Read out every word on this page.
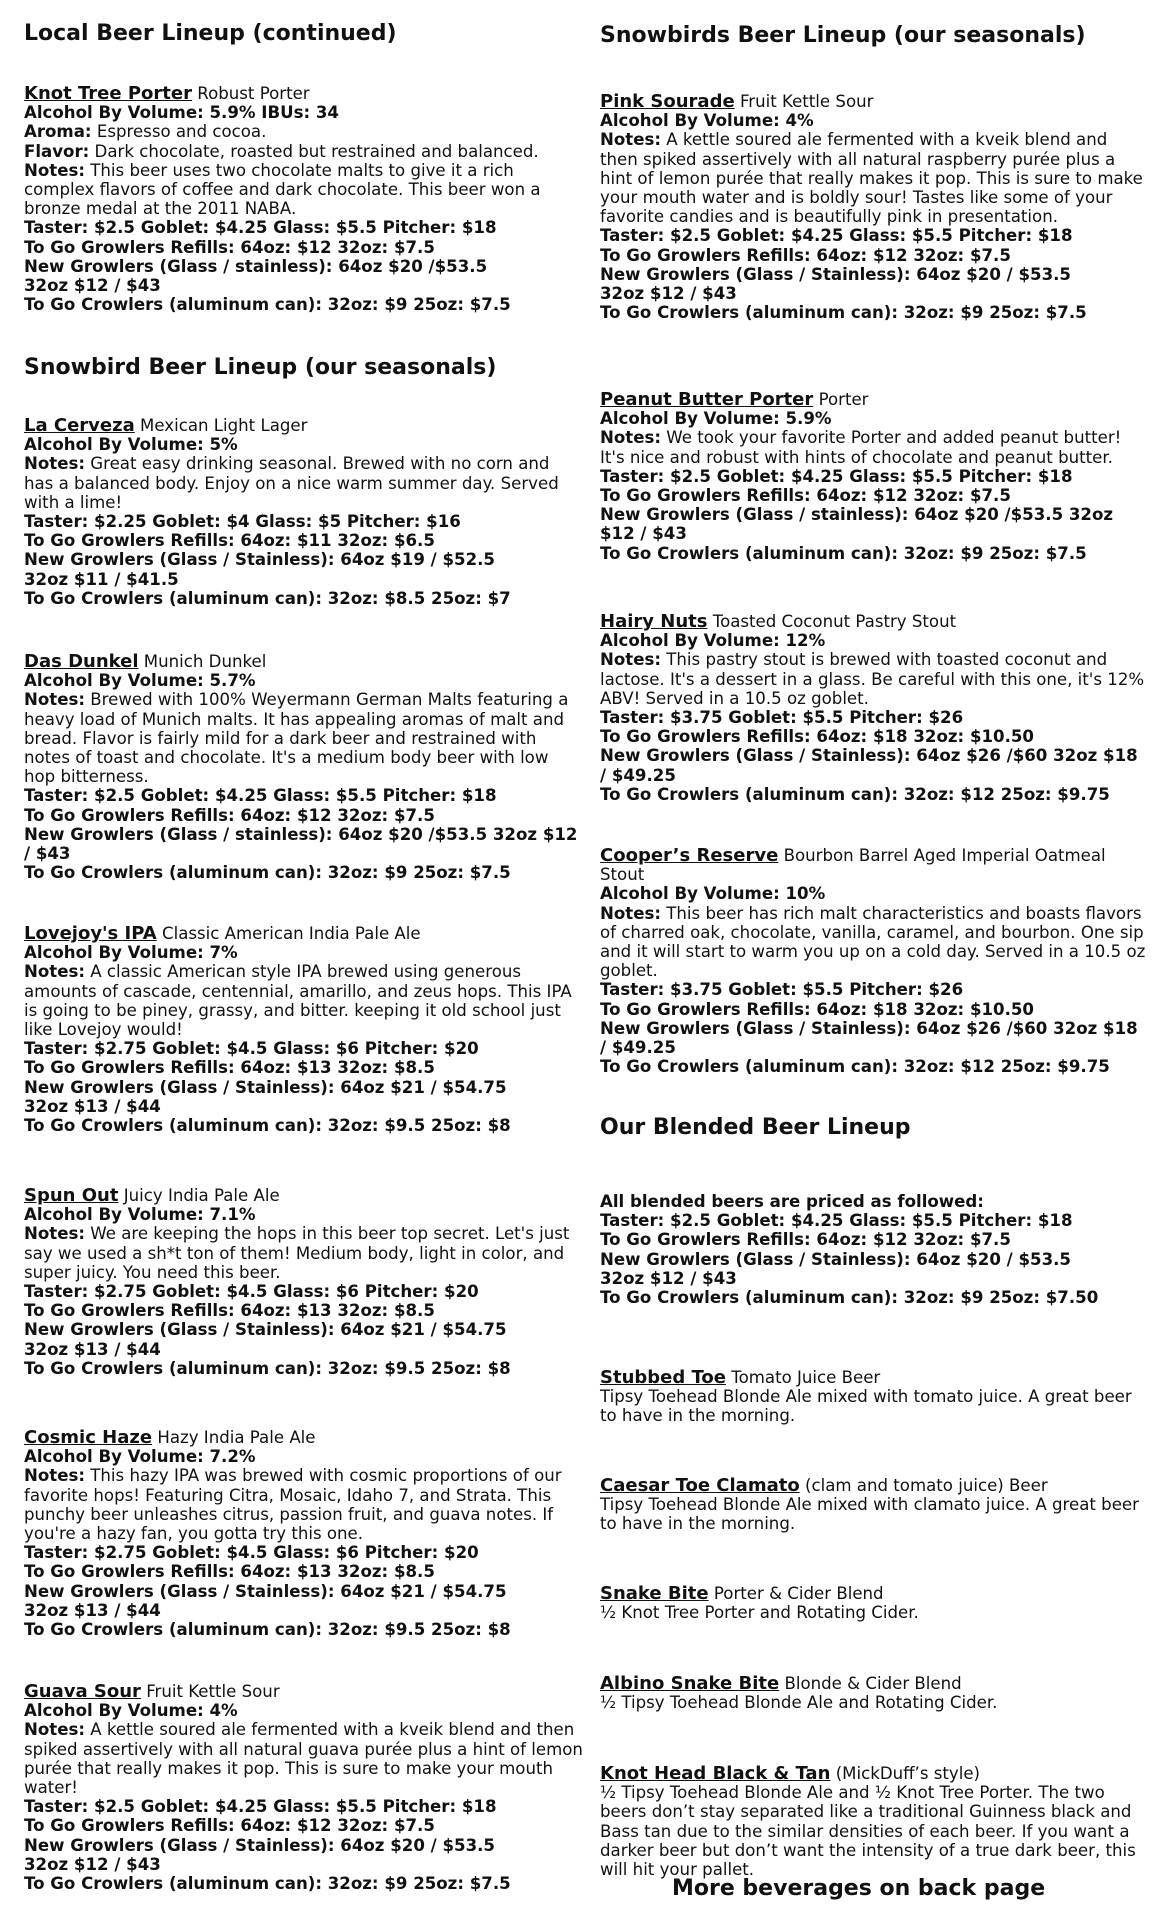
Local Beer Lineup (continued)
Knot Tree Porter Robust Porter
Alcohol By Volume: 5.9% IBUs: 34
Aroma: Espresso and cocoa.
Flavor: Dark chocolate, roasted but restrained and balanced.
Notes: This beer uses two chocolate malts to give it a rich complex flavors of coffee and dark chocolate. This beer won a bronze medal at the 2011 NABA.
Taster: $2.5 Goblet: $4.25 Glass: $5.5 Pitcher: $18
To Go Growlers Refills: 64oz: $12 32oz: $7.5
New Growlers (Glass / stainless): 64oz $20 /$53.5
32oz $12 / $43
To Go Crowlers (aluminum can): 32oz: $9 25oz: $7.5
Snowbird Beer Lineup (our seasonals)
La Cerveza Mexican Light Lager
Alcohol By Volume: 5%
Notes: Great easy drinking seasonal. Brewed with no corn and has a balanced body. Enjoy on a nice warm summer day. Served with a lime!
Taster: $2.25 Goblet: $4 Glass: $5 Pitcher: $16
To Go Growlers Refills: 64oz: $11 32oz: $6.5
New Growlers (Glass / Stainless): 64oz $19 / $52.5
32oz $11 / $41.5
To Go Crowlers (aluminum can): 32oz: $8.5 25oz: $7
Das Dunkel Munich Dunkel
Alcohol By Volume: 5.7%
Notes: Brewed with 100% Weyermann German Malts featuring a heavy load of Munich malts. It has appealing aromas of malt and bread. Flavor is fairly mild for a dark beer and restrained with notes of toast and chocolate. It's a medium body beer with low hop bitterness.
Taster: $2.5 Goblet: $4.25 Glass: $5.5 Pitcher: $18
To Go Growlers Refills: 64oz: $12 32oz: $7.5
New Growlers (Glass / stainless): 64oz $20 /$53.5 32oz $12 / $43
To Go Crowlers (aluminum can): 32oz: $9 25oz: $7.5
Lovejoy's IPA Classic American India Pale Ale
Alcohol By Volume: 7%
Notes: A classic American style IPA brewed using generous amounts of cascade, centennial, amarillo, and zeus hops. This IPA is going to be piney, grassy, and bitter. keeping it old school just like Lovejoy would!
Taster: $2.75 Goblet: $4.5 Glass: $6 Pitcher: $20
To Go Growlers Refills: 64oz: $13 32oz: $8.5
New Growlers (Glass / Stainless): 64oz $21 / $54.75
32oz $13 / $44
To Go Crowlers (aluminum can): 32oz: $9.5 25oz: $8
Spun Out Juicy India Pale Ale
Alcohol By Volume: 7.1%
Notes: We are keeping the hops in this beer top secret. Let's just say we used a sh*t ton of them! Medium body, light in color, and super juicy. You need this beer.
Taster: $2.75 Goblet: $4.5 Glass: $6 Pitcher: $20
To Go Growlers Refills: 64oz: $13 32oz: $8.5
New Growlers (Glass / Stainless): 64oz $21 / $54.75
32oz $13 / $44
To Go Crowlers (aluminum can): 32oz: $9.5 25oz: $8
Cosmic Haze Hazy India Pale Ale
Alcohol By Volume: 7.2%
Notes: This hazy IPA was brewed with cosmic proportions of our favorite hops! Featuring Citra, Mosaic, Idaho 7, and Strata. This punchy beer unleashes citrus, passion fruit, and guava notes. If you're a hazy fan, you gotta try this one.
Taster: $2.75 Goblet: $4.5 Glass: $6 Pitcher: $20
To Go Growlers Refills: 64oz: $13 32oz: $8.5
New Growlers (Glass / Stainless): 64oz $21 / $54.75
32oz $13 / $44
To Go Crowlers (aluminum can): 32oz: $9.5 25oz: $8
Guava Sour Fruit Kettle Sour
Alcohol By Volume: 4%
Notes: A kettle soured ale fermented with a kveik blend and then spiked assertively with all natural guava purée plus a hint of lemon purée that really makes it pop. This is sure to make your mouth water!
Taster: $2.5 Goblet: $4.25 Glass: $5.5 Pitcher: $18
To Go Growlers Refills: 64oz: $12 32oz: $7.5
New Growlers (Glass / Stainless): 64oz $20 / $53.5
32oz $12 / $43
To Go Crowlers (aluminum can): 32oz: $9 25oz: $7.5
Snowbirds Beer Lineup (our seasonals)
Pink Sourade Fruit Kettle Sour
Alcohol By Volume: 4%
Notes: A kettle soured ale fermented with a kveik blend and then spiked assertively with all natural raspberry purée plus a hint of lemon purée that really makes it pop. This is sure to make your mouth water and is boldly sour! Tastes like some of your favorite candies and is beautifully pink in presentation.
Taster: $2.5 Goblet: $4.25 Glass: $5.5 Pitcher: $18
To Go Growlers Refills: 64oz: $12 32oz: $7.5
New Growlers (Glass / Stainless): 64oz $20 / $53.5
32oz $12 / $43
To Go Crowlers (aluminum can): 32oz: $9 25oz: $7.5
Peanut Butter Porter Porter
Alcohol By Volume: 5.9%
Notes: We took your favorite Porter and added peanut butter! It's nice and robust with hints of chocolate and peanut butter.
Taster: $2.5 Goblet: $4.25 Glass: $5.5 Pitcher: $18
To Go Growlers Refills: 64oz: $12 32oz: $7.5
New Growlers (Glass / stainless): 64oz $20 /$53.5 32oz $12 / $43
To Go Crowlers (aluminum can): 32oz: $9 25oz: $7.5
Hairy Nuts Toasted Coconut Pastry Stout
Alcohol By Volume: 12%
Notes: This pastry stout is brewed with toasted coconut and lactose. It's a dessert in a glass. Be careful with this one, it's 12% ABV! Served in a 10.5 oz goblet.
Taster: $3.75 Goblet: $5.5 Pitcher: $26
To Go Growlers Refills: 64oz: $18 32oz: $10.50
New Growlers (Glass / Stainless): 64oz $26 /$60 32oz $18 / $49.25
To Go Crowlers (aluminum can): 32oz: $12 25oz: $9.75
Cooper’s Reserve Bourbon Barrel Aged Imperial Oatmeal Stout
Alcohol By Volume: 10%
Notes: This beer has rich malt characteristics and boasts flavors of charred oak, chocolate, vanilla, caramel, and bourbon. One sip and it will start to warm you up on a cold day. Served in a 10.5 oz goblet.
Taster: $3.75 Goblet: $5.5 Pitcher: $26
To Go Growlers Refills: 64oz: $18 32oz: $10.50
New Growlers (Glass / Stainless): 64oz $26 /$60 32oz $18 / $49.25
To Go Crowlers (aluminum can): 32oz: $12 25oz: $9.75
Our Blended Beer Lineup
All blended beers are priced as followed:
Taster: $2.5 Goblet: $4.25 Glass: $5.5 Pitcher: $18
To Go Growlers Refills: 64oz: $12 32oz: $7.5
New Growlers (Glass / Stainless): 64oz $20 / $53.5
32oz $12 / $43
To Go Crowlers (aluminum can): 32oz: $9 25oz: $7.50
Stubbed Toe Tomato Juice Beer
Tipsy Toehead Blonde Ale mixed with tomato juice. A great beer to have in the morning.
Caesar Toe Clamato (clam and tomato juice) Beer
Tipsy Toehead Blonde Ale mixed with clamato juice. A great beer to have in the morning.
Snake Bite Porter & Cider Blend
½ Knot Tree Porter and Rotating Cider.
Albino Snake Bite Blonde & Cider Blend
½ Tipsy Toehead Blonde Ale and Rotating Cider.
Knot Head Black & Tan (MickDuff’s style)
½ Tipsy Toehead Blonde Ale and ½ Knot Tree Porter. The two beers don’t stay separated like a traditional Guinness black and Bass tan due to the similar densities of each beer. If you want a darker beer but don’t want the intensity of a true dark beer, this will hit your pallet.
More beverages on back page
